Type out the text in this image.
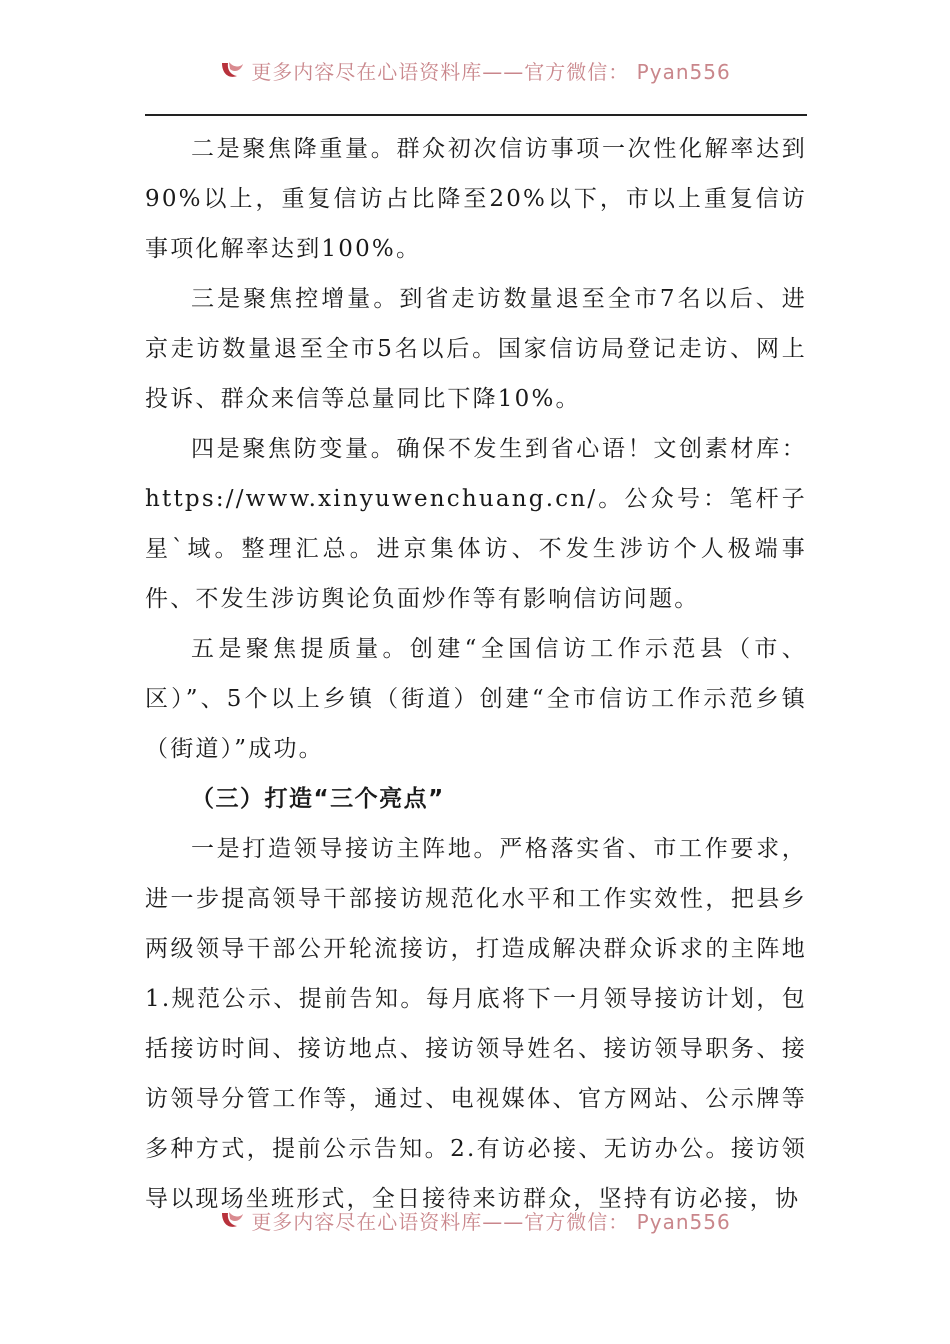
更多内容尽在心语资料库——官方微信： Pyan556

二是聚焦降重量。群众初次信访事项一次性化解率达到90%以上，重复信访占比降至20%以下，市以上重复信访事项化解率达到100%。

三是聚焦控增量。到省走访数量退至全市7名以后、进京走访数量退至全市5名以后。国家信访局登记走访、网上投诉、群众来信等总量同比下降10%。

四是聚焦防变量。确保不发生到省心语！文创素材库：https://www.xinyuwenchuang.cn/。公众号：笔杆子星`域。整理汇总。进京集体访、不发生涉访个人极端事件、不发生涉访舆论负面炒作等有影响信访问题。

五是聚焦提质量。创建“全国信访工作示范县（市、区）”、5个以上乡镇（街道）创建“全市信访工作示范乡镇（街道）”成功。

（三）打造“三个亮点”

一是打造领导接访主阵地。严格落实省、市工作要求，进一步提高领导干部接访规范化水平和工作实效性，把县乡两级领导干部公开轮流接访，打造成解决群众诉求的主阵地1.规范公示、提前告知。每月底将下一月领导接访计划，包括接访时间、接访地点、接访领导姓名、接访领导职务、接访领导分管工作等，通过、电视媒体、官方网站、公示牌等多种方式，提前公示告知。2.有访必接、无访办公。接访领导以现场坐班形式，全日接待来访群众，坚持有访必接，协

更多内容尽在心语资料库——官方微信： Pyan556
